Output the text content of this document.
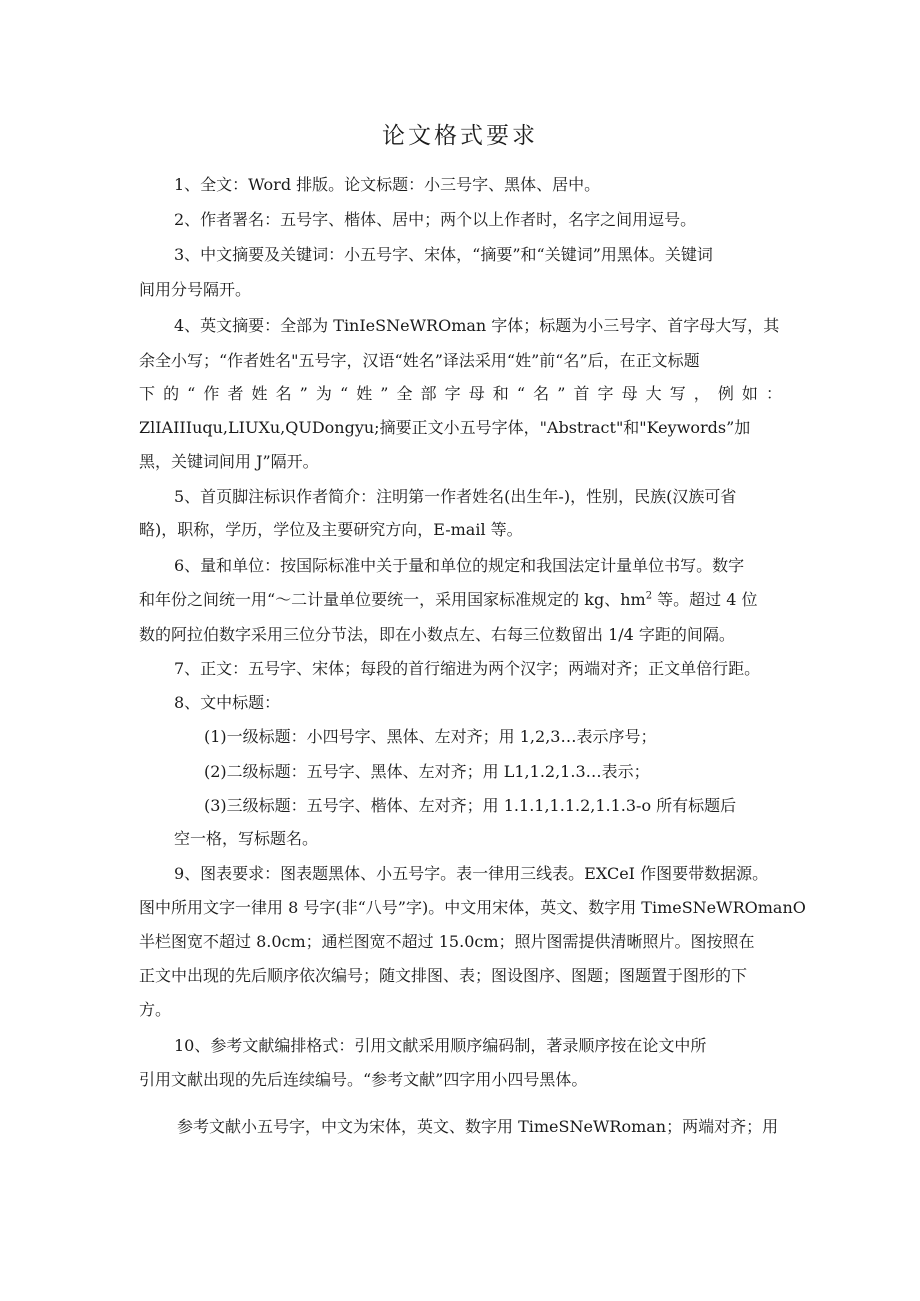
论文格式要求
1、全文：Word 排版。论文标题：小三号字、黑体、居中。
2、作者署名：五号字、楷体、居中；两个以上作者时，名字之间用逗号。
3、中文摘要及关键词：小五号字、宋体，“摘要”和“关键词”用黑体。关键词
间用分号隔开。
4、英文摘要：全部为 TinIeSNeWROman 字体；标题为小三号字、首字母大写，其
余全小写；“作者姓名"五号字，汉语“姓名”译法采用“姓”前“名”后，在正文标题
下的“作者姓名”为“姓”全部字母和“名”首字母大写，例如：
ZlIAIIIuqu,LIUXu,QUDongyu;摘要正文小五号字体，"Abstract"和"Keywords”加
黑，关键词间用 J”隔开。
5、首页脚注标识作者简介：注明第一作者姓名(出生年-)，性别，民族(汉族可省
略)，职称，学历，学位及主要研究方向，E-mail 等。
6、量和单位：按国际标准中关于量和单位的规定和我国法定计量单位书写。数字
和年份之间统一用“～二计量单位要统一，采用国家标准规定的 kg、$hm^2$ 等。超过 4 位
数的阿拉伯数字采用三位分节法，即在小数点左、右每三位数留出 1/4 字距的间隔。
7、正文：五号字、宋体；每段的首行缩进为两个汉字；两端对齐；正文单倍行距。
8、文中标题：
(1)一级标题：小四号字、黑体、左对齐；用 1,2,3…表示序号；
(2)二级标题：五号字、黑体、左对齐；用 L1,1.2,1.3…表示；
(3)三级标题：五号字、楷体、左对齐；用 1.1.1,1.1.2,1.1.3-o 所有标题后
空一格，写标题名。
9、图表要求：图表题黑体、小五号字。表一律用三线表。EXCeI 作图要带数据源。
图中所用文字一律用 8 号字(非“八号”字)。中文用宋体，英文、数字用 TimeSNeWROmanO
半栏图宽不超过 8.0cm；通栏图宽不超过 15.0cm；照片图需提供清晰照片。图按照在
正文中出现的先后顺序依次编号；随文排图、表；图设图序、图题；图题置于图形的下
方。
10、参考文献编排格式：引用文献采用顺序编码制，著录顺序按在论文中所
引用文献出现的先后连续编号。“参考文献”四字用小四号黑体。
参考文献小五号字，中文为宋体，英文、数字用 TimeSNeWRoman；两端对齐；用
